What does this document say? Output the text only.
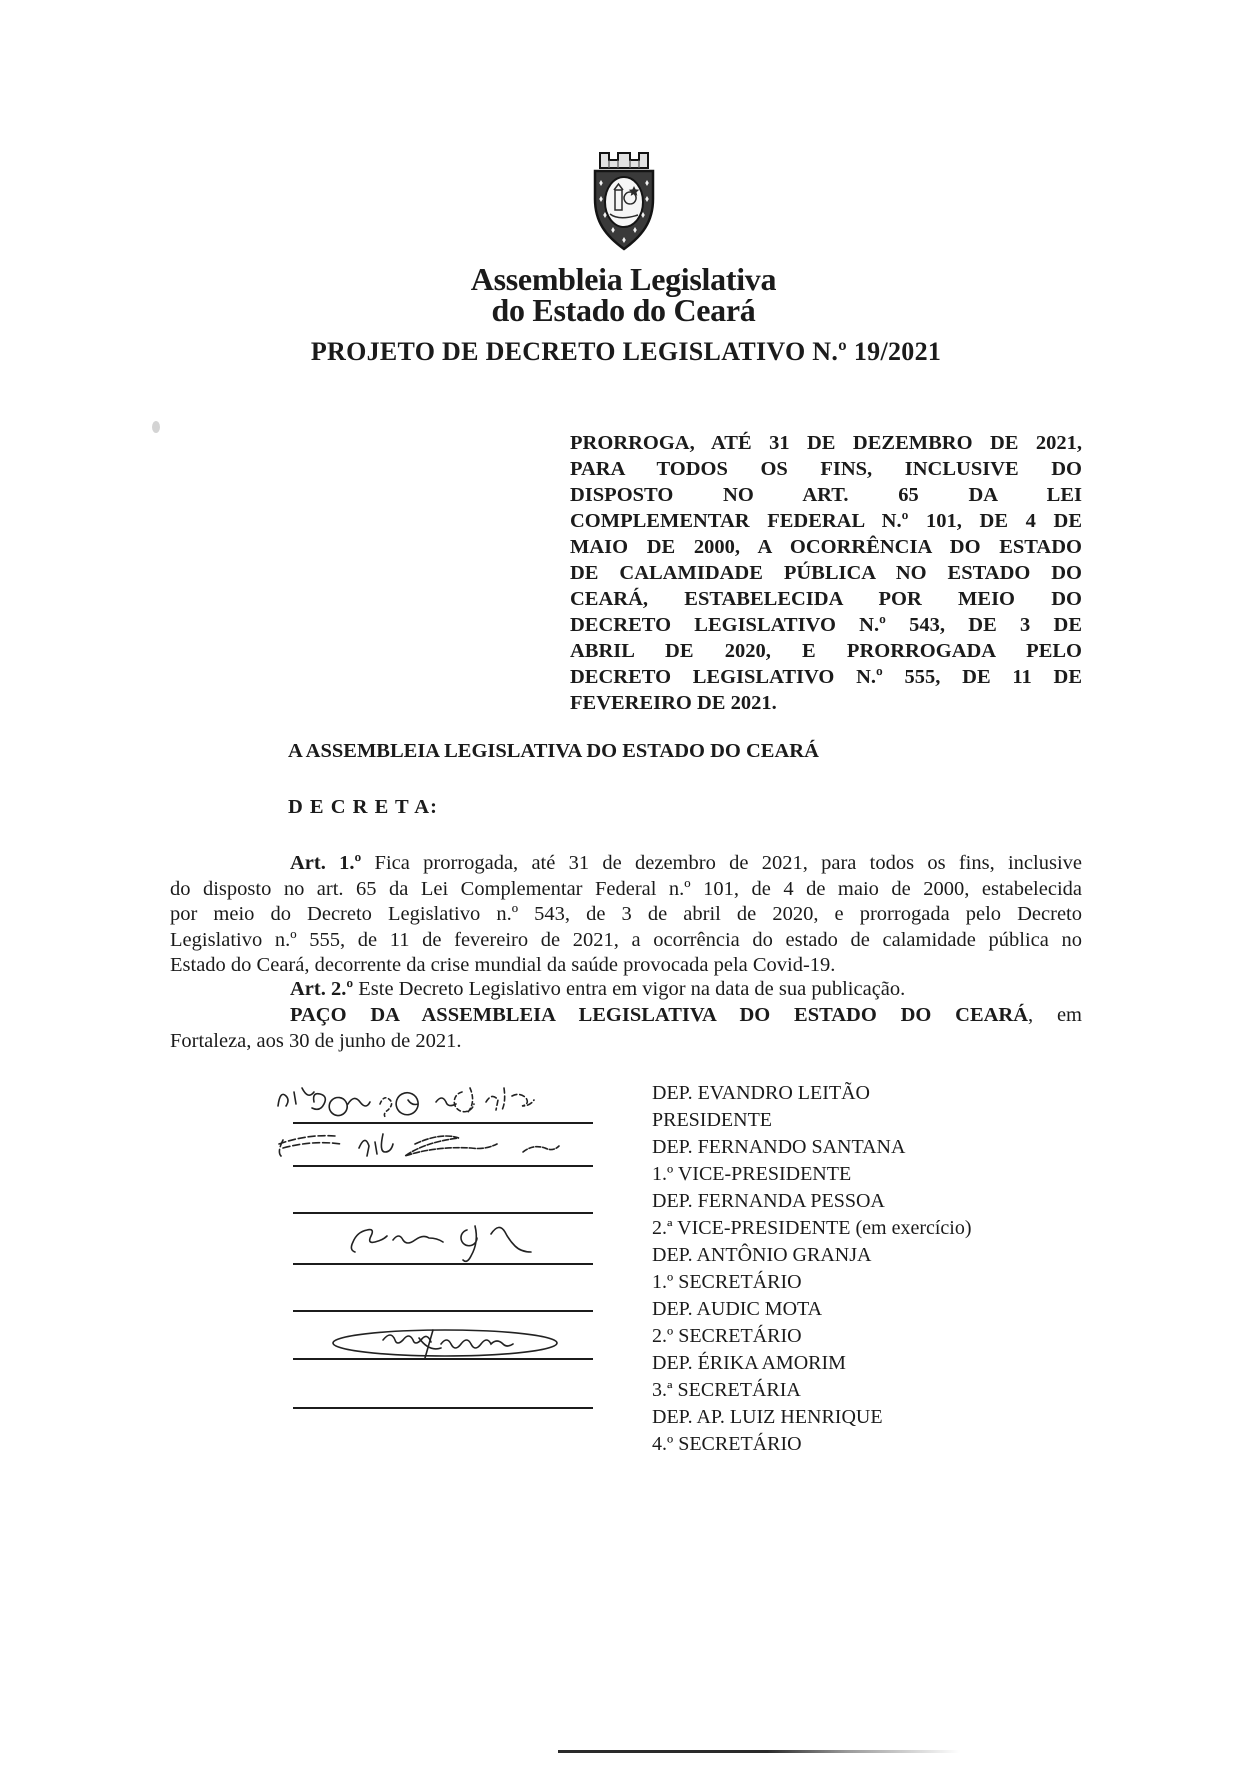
Assembleia Legislativa
do Estado do Ceará
PROJETO DE DECRETO LEGISLATIVO N.º 19/2021
PRORROGA, ATÉ 31 DE DEZEMBRO DE 2021,
PARA TODOS OS FINS, INCLUSIVE DO
DISPOSTO NO ART. 65 DA LEI
COMPLEMENTAR FEDERAL N.º 101, DE 4 DE
MAIO DE 2000, A OCORRÊNCIA DO ESTADO
DE CALAMIDADE PÚBLICA NO ESTADO DO
CEARÁ, ESTABELECIDA POR MEIO DO
DECRETO LEGISLATIVO N.º 543, DE 3 DE
ABRIL DE 2020, E PRORROGADA PELO
DECRETO LEGISLATIVO N.º 555, DE 11 DE
FEVEREIRO DE 2021.

A ASSEMBLEIA LEGISLATIVA DO ESTADO DO CEARÁ

D E C R E T A:

Art. 1.º Fica prorrogada, até 31 de dezembro de 2021, para todos os fins, inclusive
do disposto no art. 65 da Lei Complementar Federal n.º 101, de 4 de maio de 2000, estabelecida
por meio do Decreto Legislativo n.º 543, de 3 de abril de 2020, e prorrogada pelo Decreto
Legislativo n.º 555, de 11 de fevereiro de 2021, a ocorrência do estado de calamidade pública no
Estado do Ceará, decorrente da crise mundial da saúde provocada pela Covid-19.
Art. 2.º Este Decreto Legislativo entra em vigor na data de sua publicação.
PAÇO DA ASSEMBLEIA LEGISLATIVA DO ESTADO DO CEARÁ, em
Fortaleza, aos 30 de junho de 2021.
DEP. EVANDRO LEITÃO
PRESIDENTE
DEP. FERNANDO SANTANA
1.º VICE-PRESIDENTE
DEP. FERNANDA PESSOA
2.ª VICE-PRESIDENTE (em exercício)
DEP. ANTÔNIO GRANJA
1.º SECRETÁRIO
DEP. AUDIC MOTA
2.º SECRETÁRIO
DEP. ÉRIKA AMORIM
3.ª SECRETÁRIA
DEP. AP. LUIZ HENRIQUE
4.º SECRETÁRIO
